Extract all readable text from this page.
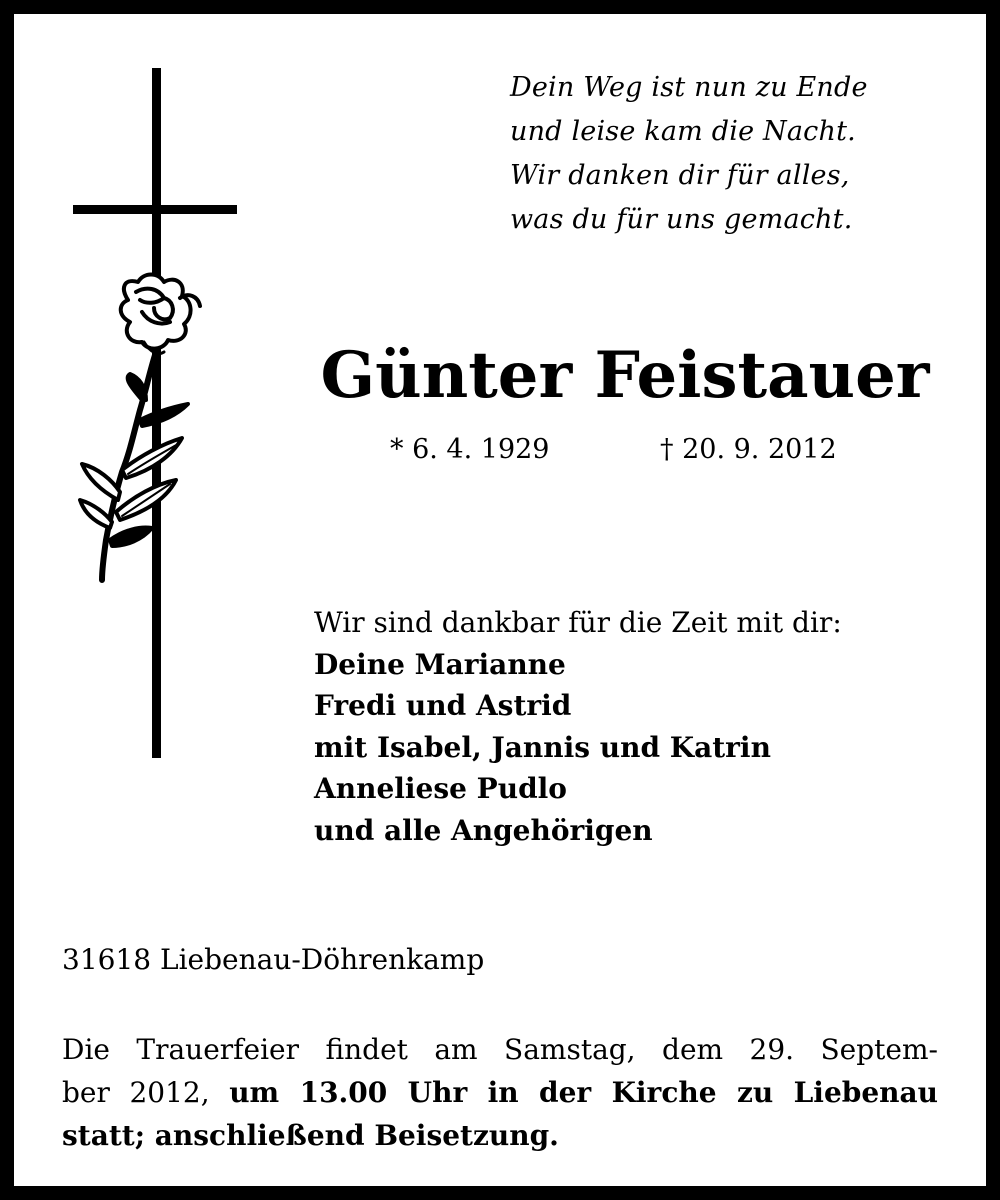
Dein Weg ist nun zu Ende
und leise kam die Nacht.
Wir danken dir für alles,
was du für uns gemacht.
Günter Feistauer
* 6. 4. 1929	† 20. 9. 2012
Wir sind dankbar für die Zeit mit dir:
Deine Marianne
Fredi und Astrid
mit Isabel, Jannis und Katrin
Anneliese Pudlo
und alle Angehörigen
31618 Liebenau-Döhrenkamp
Die Trauerfeier findet am Samstag, dem 29. Septem-
ber 2012, um 13.00 Uhr in der Kirche zu Liebenau
statt; anschließend Beisetzung.
